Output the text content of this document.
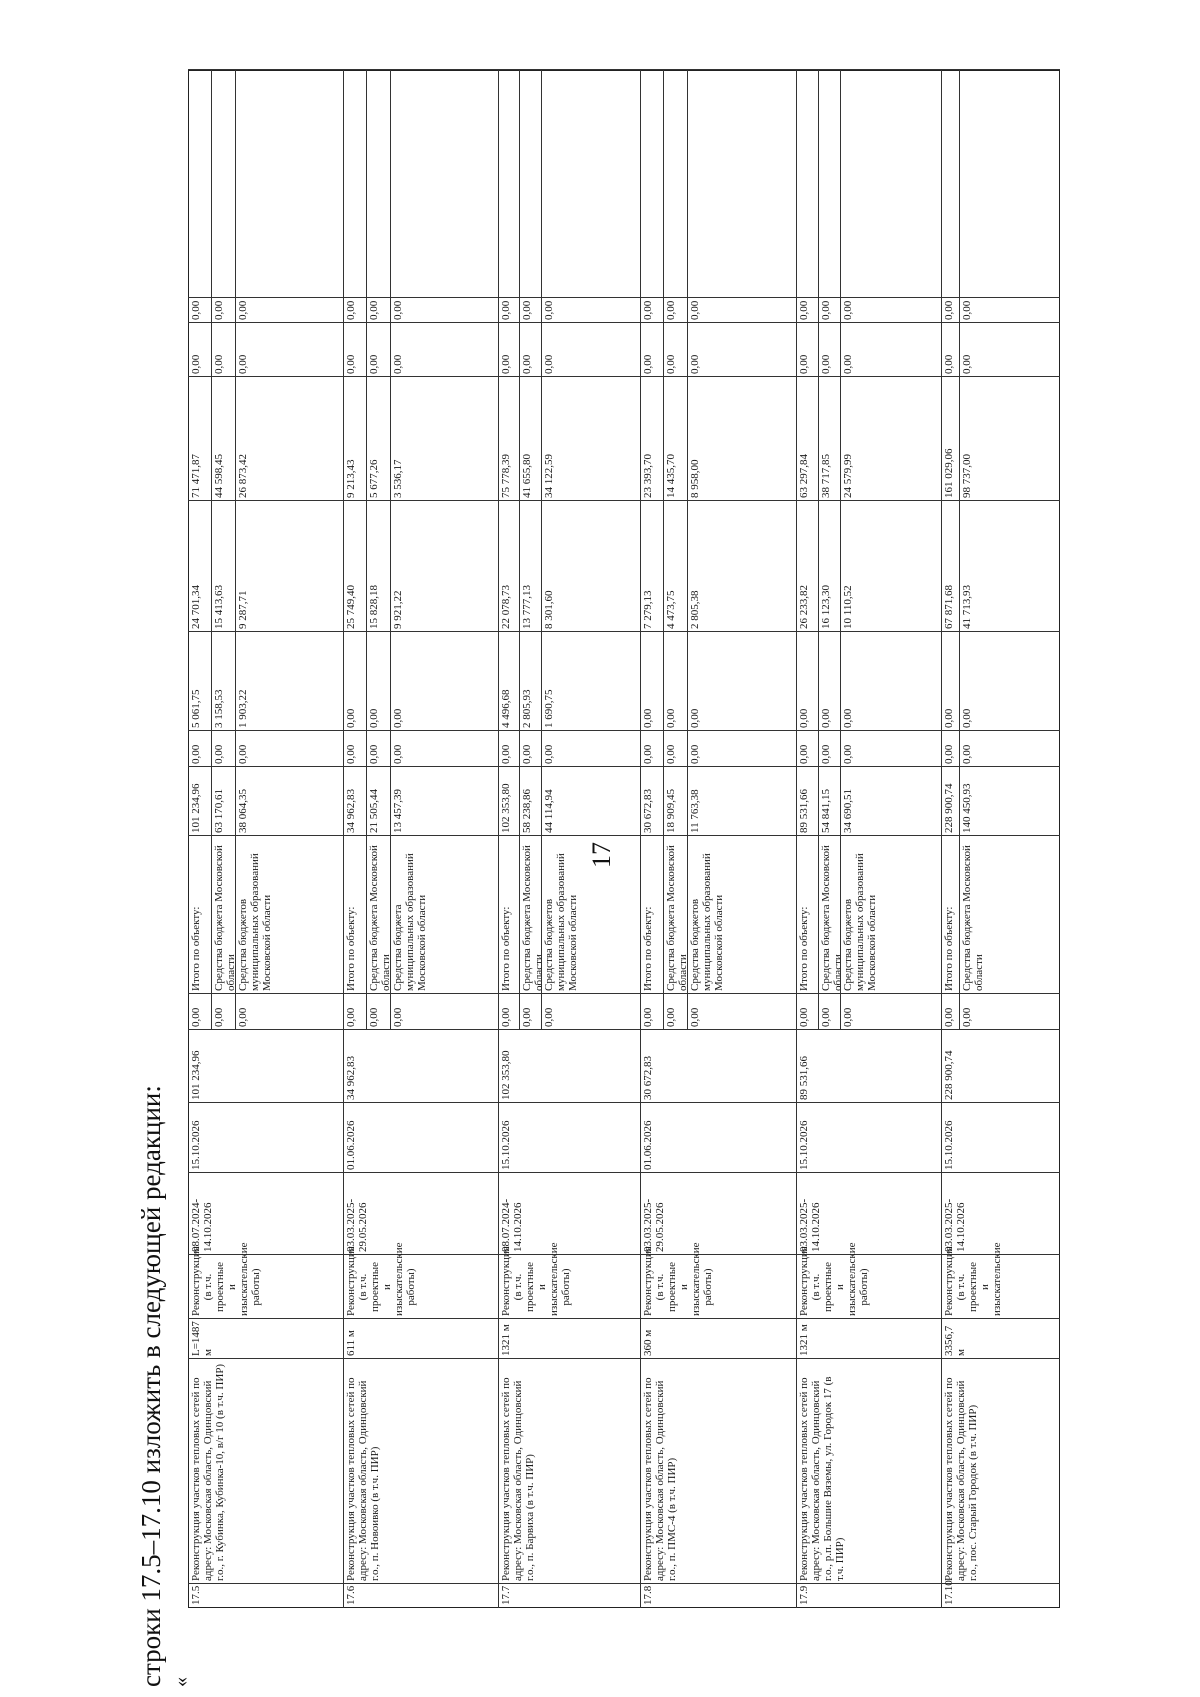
17
строки 17.5–17.10 изложить в следующей редакции: «
17.5
Реконструкция участков тепловых сетей по адресу: Московская область, Одинцовский г.о., г. Кубинка, Кубинка-10, в/г 10 (в т.ч. ПИР)
L=1487 м
Реконструкция (в т.ч. проектные и изыскательские работы)
08.07.2024-14.10.2026
15.10.2026
101 234,96
0,00
Итого по объекту:
101 234,96
0,00
5 061,75
24 701,34
71 471,87
0,00
0,00
0,00
Средства бюджета Московской области
63 170,61
0,00
3 158,53
15 413,63
44 598,45
0,00
0,00
0,00
Средства бюджетов муниципальных образований Московской области
38 064,35
0,00
1 903,22
9 287,71
26 873,42
0,00
0,00
17.6
Реконструкция участков тепловых сетей по адресу: Московская область, Одинцовский г.о., п. Новоивко (в т.ч. ПИР)
611 м
Реконструкция (в т.ч. проектные и изыскательские работы)
03.03.2025-29.05.2026
01.06.2026
34 962,83
0,00
Итого по объекту:
34 962,83
0,00
0,00
25 749,40
9 213,43
0,00
0,00
0,00
Средства бюджета Московской области
21 505,44
0,00
0,00
15 828,18
5 677,26
0,00
0,00
0,00
Средства бюджета муниципальных образований Московской области
13 457,39
0,00
0,00
9 921,22
3 536,17
0,00
0,00
17.7
Реконструкция участков тепловых сетей по адресу: Московская область, Одинцовский г.о., п. Барвиха (в т.ч. ПИР)
1321 м
Реконструкция (в т.ч. проектные и изыскательские работы)
08.07.2024-14.10.2026
15.10.2026
102 353,80
0,00
Итого по объекту:
102 353,80
0,00
4 496,68
22 078,73
75 778,39
0,00
0,00
0,00
Средства бюджета Московской области
58 238,86
0,00
2 805,93
13 777,13
41 655,80
0,00
0,00
0,00
Средства бюджетов муниципальных образований Московской области
44 114,94
0,00
1 690,75
8 301,60
34 122,59
0,00
0,00
17.8
Реконструкция участков тепловых сетей по адресу: Московская область, Одинцовский г.о., п. ПМС-4 (в т.ч. ПИР)
360 м
Реконструкция (в т.ч. проектные и изыскательские работы)
03.03.2025-29.05.2026
01.06.2026
30 672,83
0,00
Итого по объекту:
30 672,83
0,00
0,00
7 279,13
23 393,70
0,00
0,00
0,00
Средства бюджета Московской области
18 909,45
0,00
0,00
4 473,75
14 435,70
0,00
0,00
0,00
Средства бюджетов муниципальных образований Московской области
11 763,38
0,00
0,00
2 805,38
8 958,00
0,00
0,00
17.9
Реконструкция участков тепловых сетей по адресу: Московская область, Одинцовский г.о., р.п. Большие Вяземы, ул. Городок 17 (в т.ч. ПИР)
1321 м
Реконструкция (в т.ч. проектные и изыскательские работы)
03.03.2025-14.10.2026
15.10.2026
89 531,66
0,00
Итого по объекту:
89 531,66
0,00
0,00
26 233,82
63 297,84
0,00
0,00
0,00
Средства бюджета Московской области
54 841,15
0,00
0,00
16 123,30
38 717,85
0,00
0,00
0,00
Средства бюджетов муниципальных образований Московской области
34 690,51
0,00
0,00
10 110,52
24 579,99
0,00
0,00
17.10
Реконструкция участков тепловых сетей по адресу: Московская область, Одинцовский г.о., пос. Старый Городок (в т.ч. ПИР)
3356,7 м
Реконструкция (в т.ч. проектные и изыскательские
03.03.2025-14.10.2026
15.10.2026
228 900,74
0,00
Итого по объекту:
228 900,74
0,00
0,00
67 871,68
161 029,06
0,00
0,00
0,00
Средства бюджета Московской области
140 450,93
0,00
0,00
41 713,93
98 737,00
0,00
0,00
